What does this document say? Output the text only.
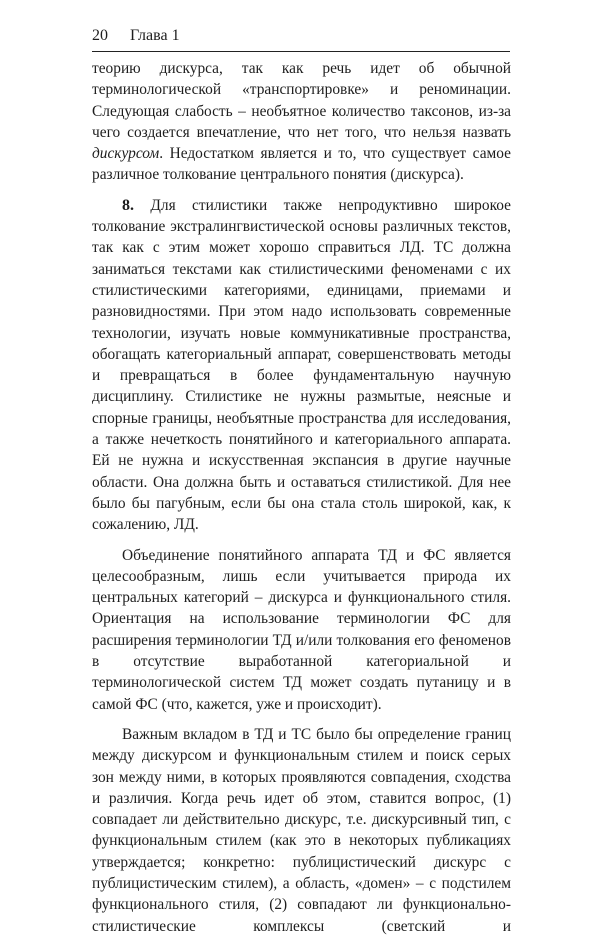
20 Глава 1

теорию дискурса, так как речь идет об обычной терминологической «транспортировке» и реноминации. Следующая слабость – необъятное количество таксонов, из-за чего создается впечатление, что нет того, что нельзя назвать дискурсом. Недостатком является и то, что существует самое различное толкование центрального понятия (дискурса).

8. Для стилистики также непродуктивно широкое толкование экстралингвистической основы различных текстов, так как с этим может хорошо справиться ЛД. ТС должна заниматься текстами как стилистическими феноменами с их стилистическими категориями, единицами, приемами и разновидностями. При этом надо использовать современные технологии, изучать новые коммуникативные пространства, обогащать категориальный аппарат, совершенствовать методы и превращаться в более фундаментальную научную дисциплину. Стилистике не нужны размытые, неясные и спорные границы, необъятные пространства для исследования, а также нечеткость понятийного и категориального аппарата. Ей не нужна и искусственная экспансия в другие научные области. Она должна быть и оставаться стилистикой. Для нее было бы пагубным, если бы она стала столь широкой, как, к сожалению, ЛД.

Объединение понятийного аппарата ТД и ФС является целесообразным, лишь если учитывается природа их центральных категорий – дискурса и функционального стиля. Ориентация на использование терминологии ФС для расширения терминологии ТД и/или толкования его феноменов в отсутствие выработанной категориальной и терминологической систем ТД может создать путаницу и в самой ФС (что, кажется, уже и происходит).

Важным вкладом в ТД и ТС было бы определение границ между дискурсом и функциональным стилем и поиск серых зон между ними, в которых проявляются совпадения, сходства и различия. Когда речь идет об этом, ставится вопрос, (1) совпадает ли действительно дискурс, т.е. дискурсивный тип, с функциональным стилем (как это в некоторых публикациях утверждается; конкретно: публицистический дискурс с публицистическим стилем), а область, «домен» – с подстилем функционального стиля, (2) совпадают ли функционально-стилистические комплексы (светский и
